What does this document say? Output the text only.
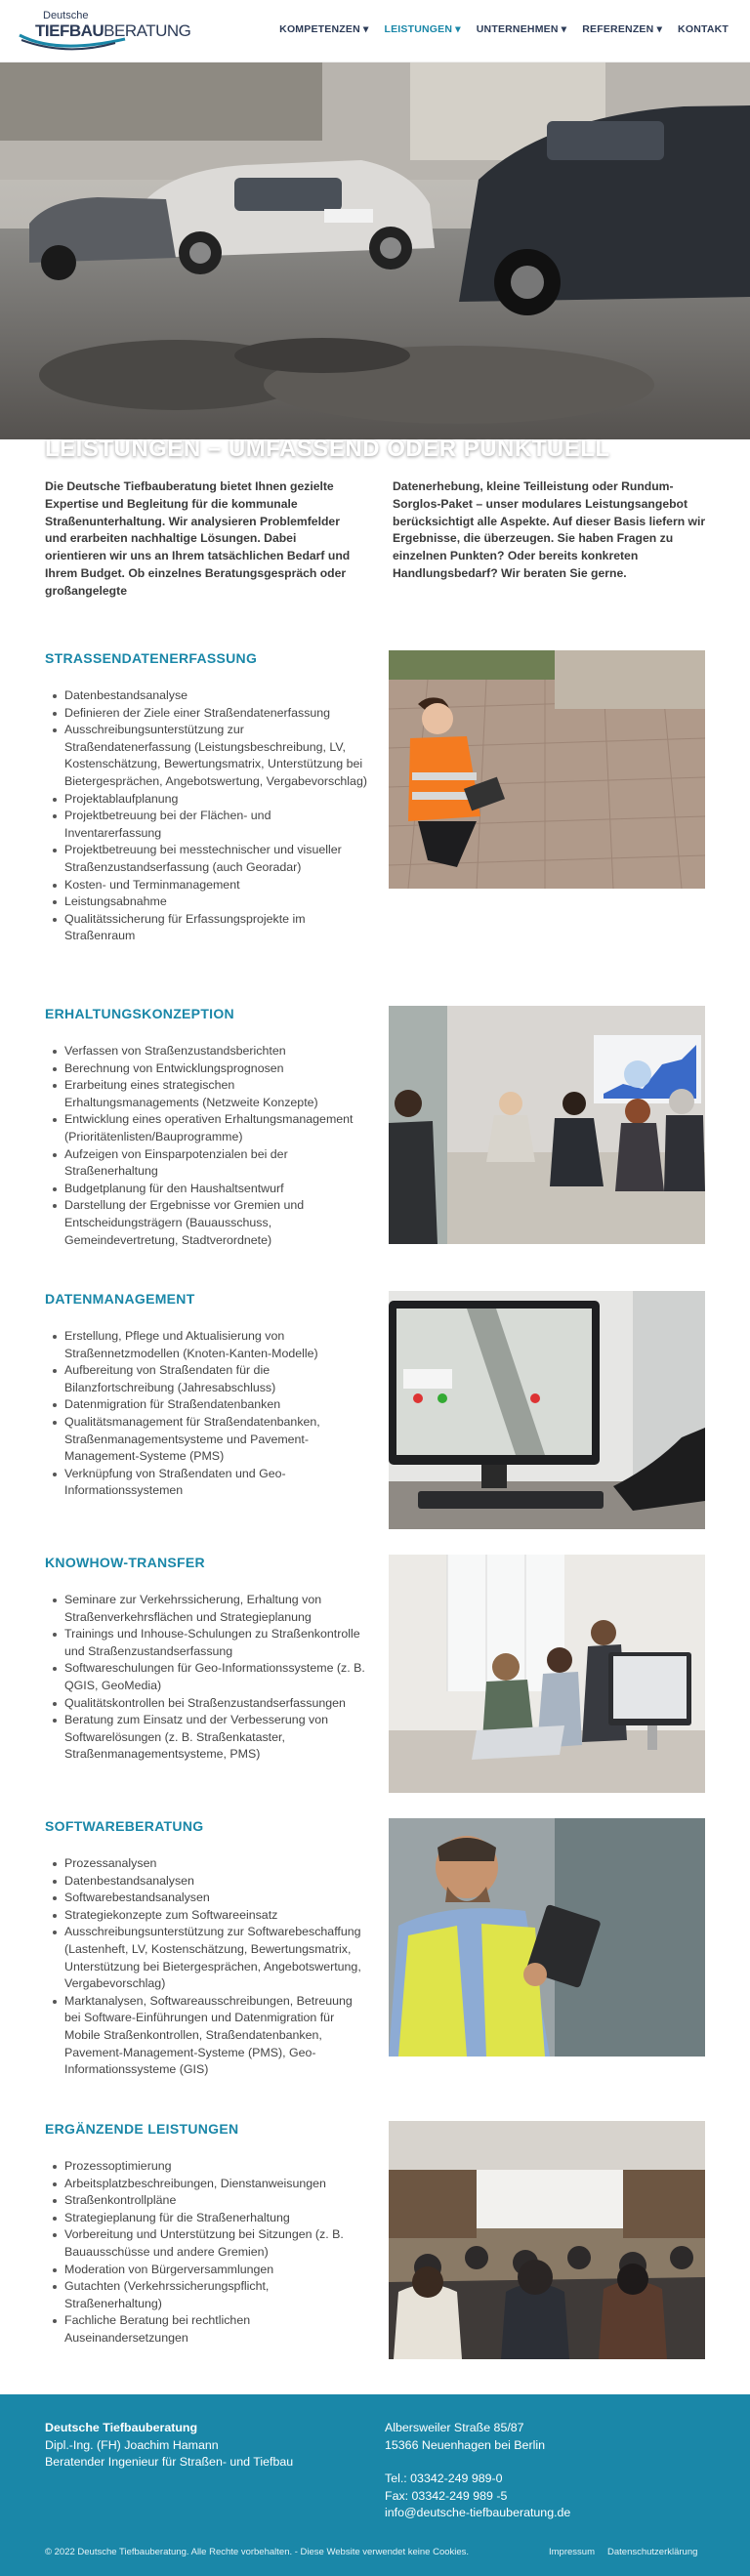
Deutsche
TIEFBAUBERATUNG	KOMPETENZEN ▾ LEISTUNGEN ▾ UNTERNEHMEN ▾ REFERENZEN ▾ KONTAKT
LEISTUNGEN – UMFASSEND ODER PUNKTUELL

Die Deutsche Tiefbauberatung bietet Ihnen gezielte Expertise und Begleitung für die kommunale Straßenunterhaltung. Wir analysieren Problemfelder und erarbeiten nachhaltige Lösungen. Dabei orientieren wir uns an Ihrem tatsächlichen Bedarf und Ihrem Budget. Ob einzelnes Beratungsgespräch oder großangelegte

Datenerhebung, kleine Teilleistung oder Rundum-Sorglos-Paket – unser modulares Leistungsangebot berücksichtigt alle Aspekte. Auf dieser Basis liefern wir Ergebnisse, die überzeugen. Sie haben Fragen zu einzelnen Punkten? Oder bereits konkreten Handlungsbedarf? Wir beraten Sie gerne.

STRASSENDATENERFASSUNG
Datenbestandsanalyse
Definieren der Ziele einer Straßendatenerfassung
Ausschreibungsunterstützung zur Straßendatenerfassung (Leistungsbeschreibung, LV, Kostenschätzung, Bewertungsmatrix, Unterstützung bei Bietergesprächen, Angebotswertung, Vergabevorschlag)
Projektablaufplanung
Projektbetreuung bei der Flächen- und Inventarerfassung
Projektbetreuung bei messtechnischer und visueller Straßenzustandserfassung (auch Georadar)
Kosten- und Terminmanagement
Leistungsabnahme
Qualitätssicherung für Erfassungsprojekte im Straßenraum
ERHALTUNGSKONZEPTION
Verfassen von Straßenzustandsberichten
Berechnung von Entwicklungsprognosen
Erarbeitung eines strategischen Erhaltungsmanagements (Netzweite Konzepte)
Entwicklung eines operativen Erhaltungsmanagement (Prioritätenlisten/Bauprogramme)
Aufzeigen von Einsparpotenzialen bei der Straßenerhaltung
Budgetplanung für den Haushaltsentwurf
Darstellung der Ergebnisse vor Gremien und Entscheidungsträgern (Bauausschuss, Gemeindevertretung, Stadtverordnete)
DATENMANAGEMENT
Erstellung, Pflege und Aktualisierung von Straßennetzmodellen (Knoten-Kanten-Modelle)
Aufbereitung von Straßendaten für die Bilanzfortschreibung (Jahresabschluss)
Datenmigration für Straßendatenbanken
Qualitätsmanagement für Straßendatenbanken, Straßenmanagementsysteme und Pavement-Management-Systeme (PMS)
Verknüpfung von Straßendaten und Geo-Informationssystemen
KNOWHOW-TRANSFER
Seminare zur Verkehrssicherung, Erhaltung von Straßenverkehrsflächen und Strategieplanung
Trainings und Inhouse-Schulungen zu Straßenkontrolle und Straßenzustandserfassung
Softwareschulungen für Geo-Informationssysteme (z. B. QGIS, GeoMedia)
Qualitätskontrollen bei Straßenzustandserfassungen
Beratung zum Einsatz und der Verbesserung von Softwarelösungen (z. B. Straßenkataster, Straßenmanagementsysteme, PMS)
SOFTWAREBERATUNG
Prozessanalysen
Datenbestandsanalysen
Softwarebestandsanalysen
Strategiekonzepte zum Softwareeinsatz
Ausschreibungsunterstützung zur Softwarebeschaffung (Lastenheft, LV, Kostenschätzung, Bewertungsmatrix, Unterstützung bei Bietergesprächen, Angebotswertung, Vergabevorschlag)
Marktanalysen, Softwareausschreibungen, Betreuung bei Software-Einführungen und Datenmigration für Mobile Straßenkontrollen, Straßendatenbanken, Pavement-Management-Systeme (PMS), Geo-Informationssysteme (GIS)
ERGÄNZENDE LEISTUNGEN
Prozessoptimierung
Arbeitsplatzbeschreibungen, Dienstanweisungen
Straßenkontrollpläne
Strategieplanung für die Straßenerhaltung
Vorbereitung und Unterstützung bei Sitzungen (z. B. Bauausschüsse und andere Gremien)
Moderation von Bürgerversammlungen
Gutachten (Verkehrssicherungspflicht, Straßenerhaltung)
Fachliche Beratung bei rechtlichen Auseinandersetzungen
Deutsche Tiefbauberatung
Dipl.-Ing. (FH) Joachim Hamann
Beratender Ingenieur für Straßen- und Tiefbau
Albersweiler Straße 85/87
15366 Neuenhagen bei Berlin
Tel.: 03342-249 989-0
Fax: 03342-249 989 -5
info@deutsche-tiefbauberatung.de
© 2022 Deutsche Tiefbauberatung. Alle Rechte vorbehalten. - Diese Website verwendet keine Cookies.	Impressum Datenschutzerklärung
